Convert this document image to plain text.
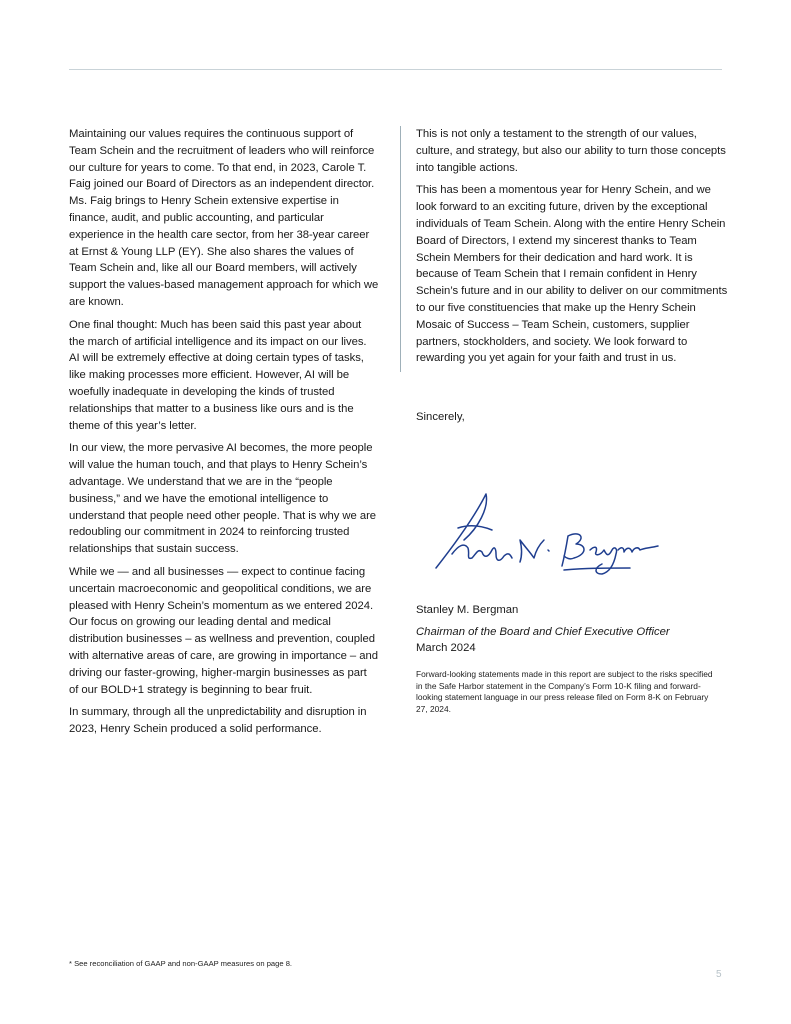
Maintaining our values requires the continuous support of Team Schein and the recruitment of leaders who will reinforce our culture for years to come. To that end, in 2023, Carole T. Faig joined our Board of Directors as an independent director. Ms. Faig brings to Henry Schein extensive expertise in finance, audit, and public accounting, and particular experience in the health care sector, from her 38-year career at Ernst & Young LLP (EY). She also shares the values of Team Schein and, like all our Board members, will actively support the values-based management approach for which we are known.

One final thought: Much has been said this past year about the march of artificial intelligence and its impact on our lives. AI will be extremely effective at doing certain types of tasks, like making processes more efficient. However, AI will be woefully inadequate in developing the kinds of trusted relationships that matter to a business like ours and is the theme of this year’s letter.

In our view, the more pervasive AI becomes, the more people will value the human touch, and that plays to Henry Schein’s advantage. We understand that we are in the “people business,” and we have the emotional intelligence to understand that people need other people. That is why we are redoubling our commitment in 2024 to reinforcing trusted relationships that sustain success.

While we — and all businesses — expect to continue facing uncertain macroeconomic and geopolitical conditions, we are pleased with Henry Schein’s momentum as we entered 2024. Our focus on growing our leading dental and medical distribution businesses – as wellness and prevention, coupled with alternative areas of care, are growing in importance – and driving our faster-growing, higher-margin businesses as part of our BOLD+1 strategy is beginning to bear fruit.

In summary, through all the unpredictability and disruption in 2023, Henry Schein produced a solid performance.

This is not only a testament to the strength of our values, culture, and strategy, but also our ability to turn those concepts into tangible actions.

This has been a momentous year for Henry Schein, and we look forward to an exciting future, driven by the exceptional individuals of Team Schein. Along with the entire Henry Schein Board of Directors, I extend my sincerest thanks to Team Schein Members for their dedication and hard work. It is because of Team Schein that I remain confident in Henry Schein’s future and in our ability to deliver on our commitments to our five constituencies that make up the Henry Schein Mosaic of Success – Team Schein, customers, supplier partners, stockholders, and society. We look forward to rewarding you yet again for your faith and trust in us.

Sincerely,
Stanley M. Bergman
Chairman of the Board and Chief Executive Officer
March 2024
Forward-looking statements made in this report are subject to the risks specified in the Safe Harbor statement in the Company’s Form 10-K filing and forward-looking statement language in our press release filed on Form 8-K on February 27, 2024.
* See reconciliation of GAAP and non-GAAP measures on page 8.
5
